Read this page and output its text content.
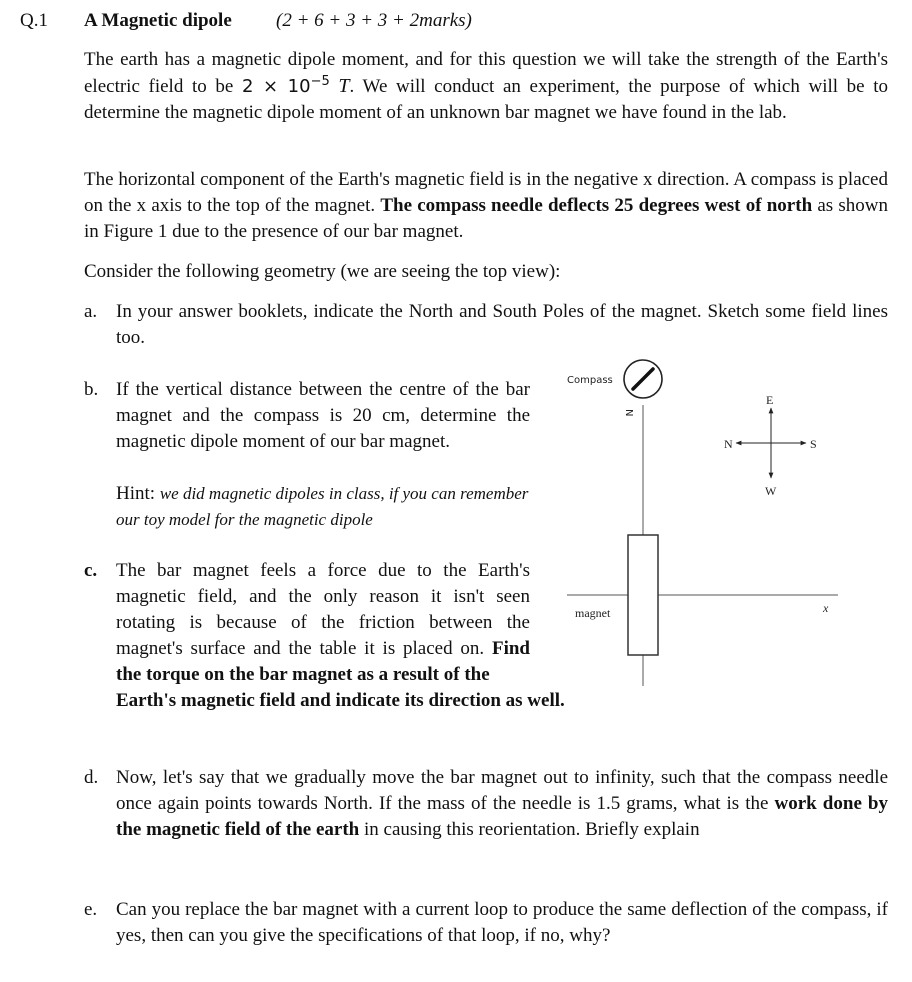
Q.1 A Magnetic dipole (2 + 6 + 3 + 3 + 2marks)
The earth has a magnetic dipole moment, and for this question we will take the strength of the Earth's electric field to be $2 \times 10^{-5}$ T. We will conduct an experiment, the purpose of which will be to determine the magnetic dipole moment of an unknown bar magnet we have found in the lab.
The horizontal component of the Earth's magnetic field is in the negative x direction. A compass is placed on the x axis to the top of the magnet. The compass needle deflects 25 degrees west of north as shown in Figure 1 due to the presence of our bar magnet.
Consider the following geometry (we are seeing the top view):
a. In your answer booklets, indicate the North and South Poles of the magnet. Sketch some field lines too.
b. If the vertical distance between the centre of the bar magnet and the compass is 20 cm, determine the magnetic dipole moment of our bar magnet.
Hint: we did magnetic dipoles in class, if you can remember our toy model for the magnetic dipole
c. The bar magnet feels a force due to the Earth's magnetic field, and the only reason it isn't seen rotating is because of the friction between the magnet's surface and the table it is placed on. Find the torque on the bar magnet as a result of the
Earth's magnetic field and indicate its direction as well.
d. Now, let's say that we gradually move the bar magnet out to infinity, such that the compass needle once again points towards North. If the mass of the needle is 1.5 grams, what is the work done by the magnetic field of the earth in causing this reorientation. Briefly explain
e. Can you replace the bar magnet with a current loop to produce the same deflection of the compass, if yes, then can you give the specifications of that loop, if no, why?
x
magnet
Compass
N
E
W
N	S
